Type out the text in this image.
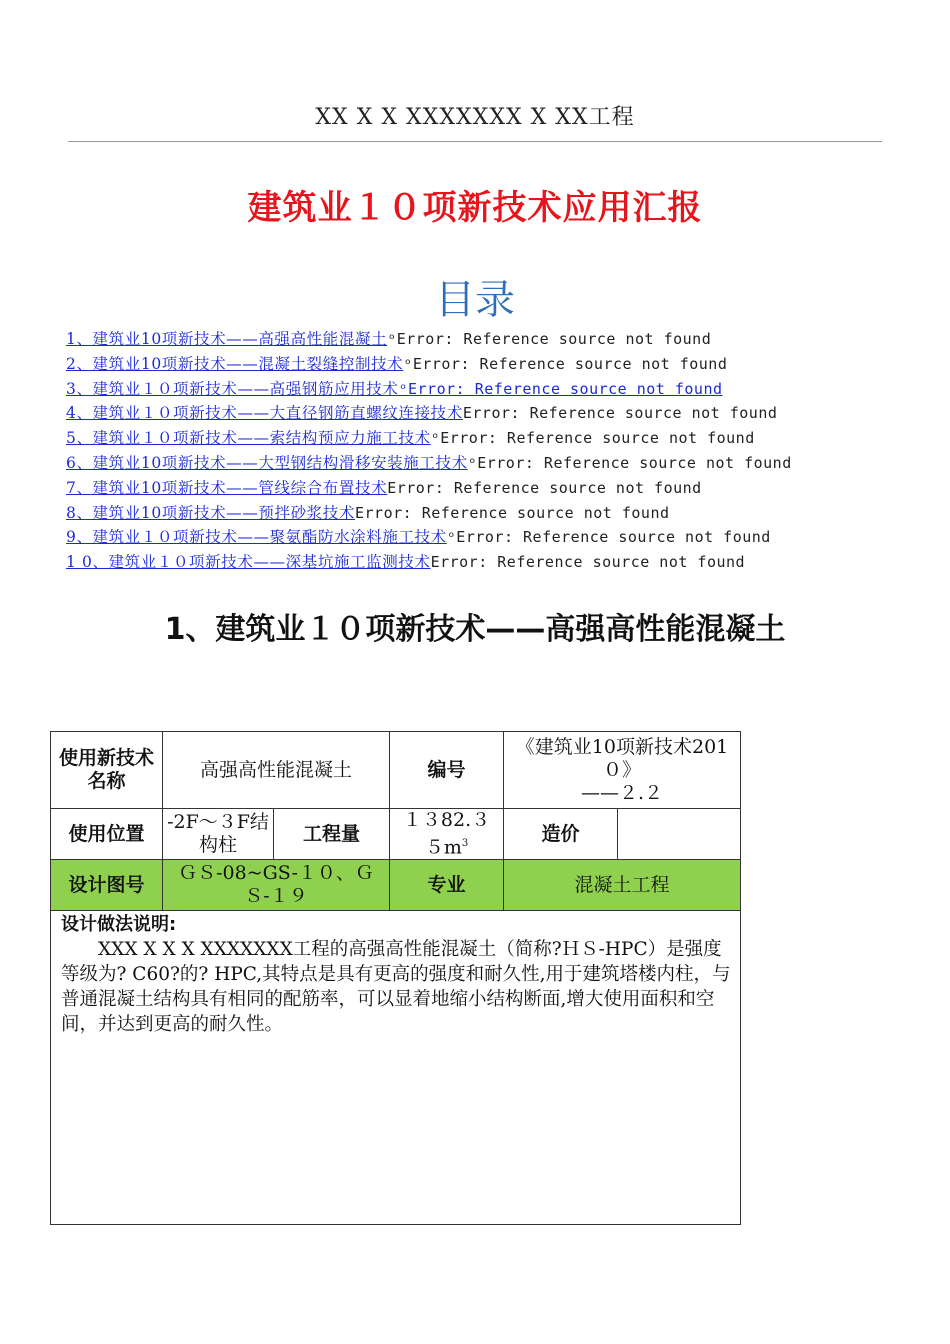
XX X X XXXXXXX X XX工程
建筑业１０项新技术应用汇报
目录
1、建筑业10项新技术——高强高性能混凝土ᵒError: Reference source not found
2、建筑业10项新技术——混凝土裂缝控制技术ᵒError: Reference source not found
3、建筑业１０项新技术——高强钢筋应用技术ᵒError: Reference source not found
4、建筑业１０项新技术——大直径钢筋直螺纹连接技术Error: Reference source not found
5、建筑业１０项新技术——索结构预应力施工技术ᵒError: Reference source not found
6、建筑业10项新技术——大型钢结构滑移安装施工技术ᵒError: Reference source not found
7、建筑业10项新技术——管线综合布置技术Error: Reference source not found
8、建筑业10项新技术——预拌砂浆技术Error: Reference source not found
9、建筑业１０项新技术——聚氨酯防水涂料施工技术ᵒError: Reference source not found
1 0、建筑业１０项新技术——深基坑施工监测技术Error: Reference source not found
1、建筑业１０项新技术——高强高性能混凝土
使用新技术名称	高强高性能混凝土		编号	《建筑业10项新技术201０》
——２.２	

使用位置	-2F～３F结构柱	工程量	$1382.35m^3$	造价	
设计图号	ＧＳ-08~GS-１０、ＧＳ-１９		专业	混凝土工程	

设计做法说明:
XXX X X X XXXXXXX工程的高强高性能混凝土（简称?ＨＳ-HPC）是强度等级为? C60?的? HPC,其特点是具有更高的强度和耐久性,用于建筑塔楼内柱，与普通混凝土结构具有相同的配筋率，可以显着地缩小结构断面,增大使用面积和空间，并达到更高的耐久性。					
